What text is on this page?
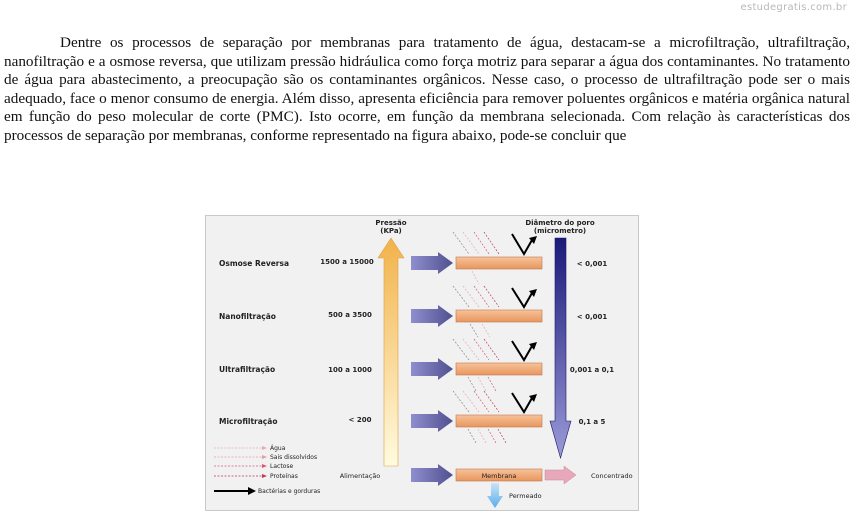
estudegratis.com.br

Dentre os processos de separação por membranas para tratamento de água, destacam-se a microfiltração, ultrafiltração, nanofiltração e a osmose reversa, que utilizam pressão hidráulica como força motriz para separar a água dos contaminantes. No tratamento de água para abastecimento, a preocupação são os contaminantes orgânicos. Nesse caso, o processo de ultrafiltração pode ser o mais adequado, face o menor consumo de energia. Além disso, apresenta eficiência para remover poluentes orgânicos e matéria orgânica natural em função do peso molecular de corte (PMC). Isto ocorre, em função da membrana selecionada. Com relação às características dos processos de separação por membranas, conforme representado na figura abaixo, pode-se concluir que

Pressão
(KPa)
Diâmetro do poro
(micrometro)
Osmose Reversa	1500 a 15000	< 0,001
Nanofiltração	500 a 3500	< 0,001
Ultrafiltração	100 a 1000	0,001 a 0,1
Microfiltração	< 200	0,1 a 5
Água
Sais dissolvidos
Lactose
Proteínas
Bactérias e gorduras
Alimentação	Membrana	Concentrado
Permeado
